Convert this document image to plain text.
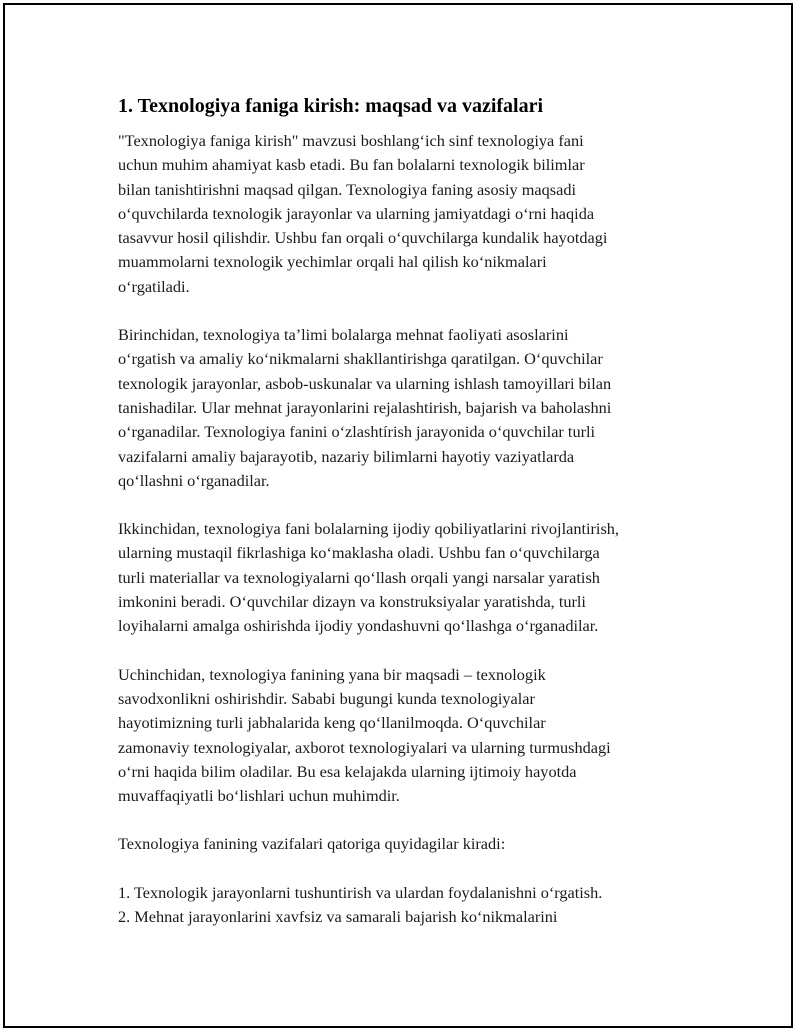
1. Texnologiya faniga kirish: maqsad va vazifalari

"Texnologiya faniga kirish" mavzusi boshlang‘ich sinf texnologiya fani
uchun muhim ahamiyat kasb etadi. Bu fan bolalarni texnologik bilimlar
bilan tanishtirishni maqsad qilgan. Texnologiya faning asosiy maqsadi
o‘quvchilarda texnologik jarayonlar va ularning jamiyatdagi o‘rni haqida
tasavvur hosil qilishdir. Ushbu fan orqali o‘quvchilarga kundalik hayotdagi
muammolarni texnologik yechimlar orqali hal qilish ko‘nikmalari
o‘rgatiladi.

Birinchidan, texnologiya ta’limi bolalarga mehnat faoliyati asoslarini
o‘rgatish va amaliy ko‘nikmalarni shakllantirishga qaratilgan. O‘quvchilar
texnologik jarayonlar, asbob-uskunalar va ularning ishlash tamoyillari bilan
tanishadilar. Ular mehnat jarayonlarini rejalashtirish, bajarish va baholashni
o‘rganadilar. Texnologiya fanini o‘zlashtírish jarayonida o‘quvchilar turli
vazifalarni amaliy bajarayotib, nazariy bilimlarni hayotiy vaziyatlarda
qo‘llashni o‘rganadilar.

Ikkinchidan, texnologiya fani bolalarning ijodiy qobiliyatlarini rivojlantirish,
ularning mustaqil fikrlashiga ko‘maklasha oladi. Ushbu fan o‘quvchilarga
turli materiallar va texnologiyalarni qo‘llash orqali yangi narsalar yaratish
imkonini beradi. O‘quvchilar dizayn va konstruksiyalar yaratishda, turli
loyihalarni amalga oshirishda ijodiy yondashuvni qo‘llashga o‘rganadilar.

Uchinchidan, texnologiya fanining yana bir maqsadi – texnologik
savodxonlikni oshirishdir. Sababi bugungi kunda texnologiyalar
hayotimizning turli jabhalarida keng qo‘llanilmoqda. O‘quvchilar
zamonaviy texnologiyalar, axborot texnologiyalari va ularning turmushdagi
o‘rni haqida bilim oladilar. Bu esa kelajakda ularning ijtimoiy hayotda
muvaffaqiyatli bo‘lishlari uchun muhimdir.

Texnologiya fanining vazifalari qatoriga quyidagilar kiradi:

1. Texnologik jarayonlarni tushuntirish va ulardan foydalanishni o‘rgatish.
2. Mehnat jarayonlarini xavfsiz va samarali bajarish ko‘nikmalarini
